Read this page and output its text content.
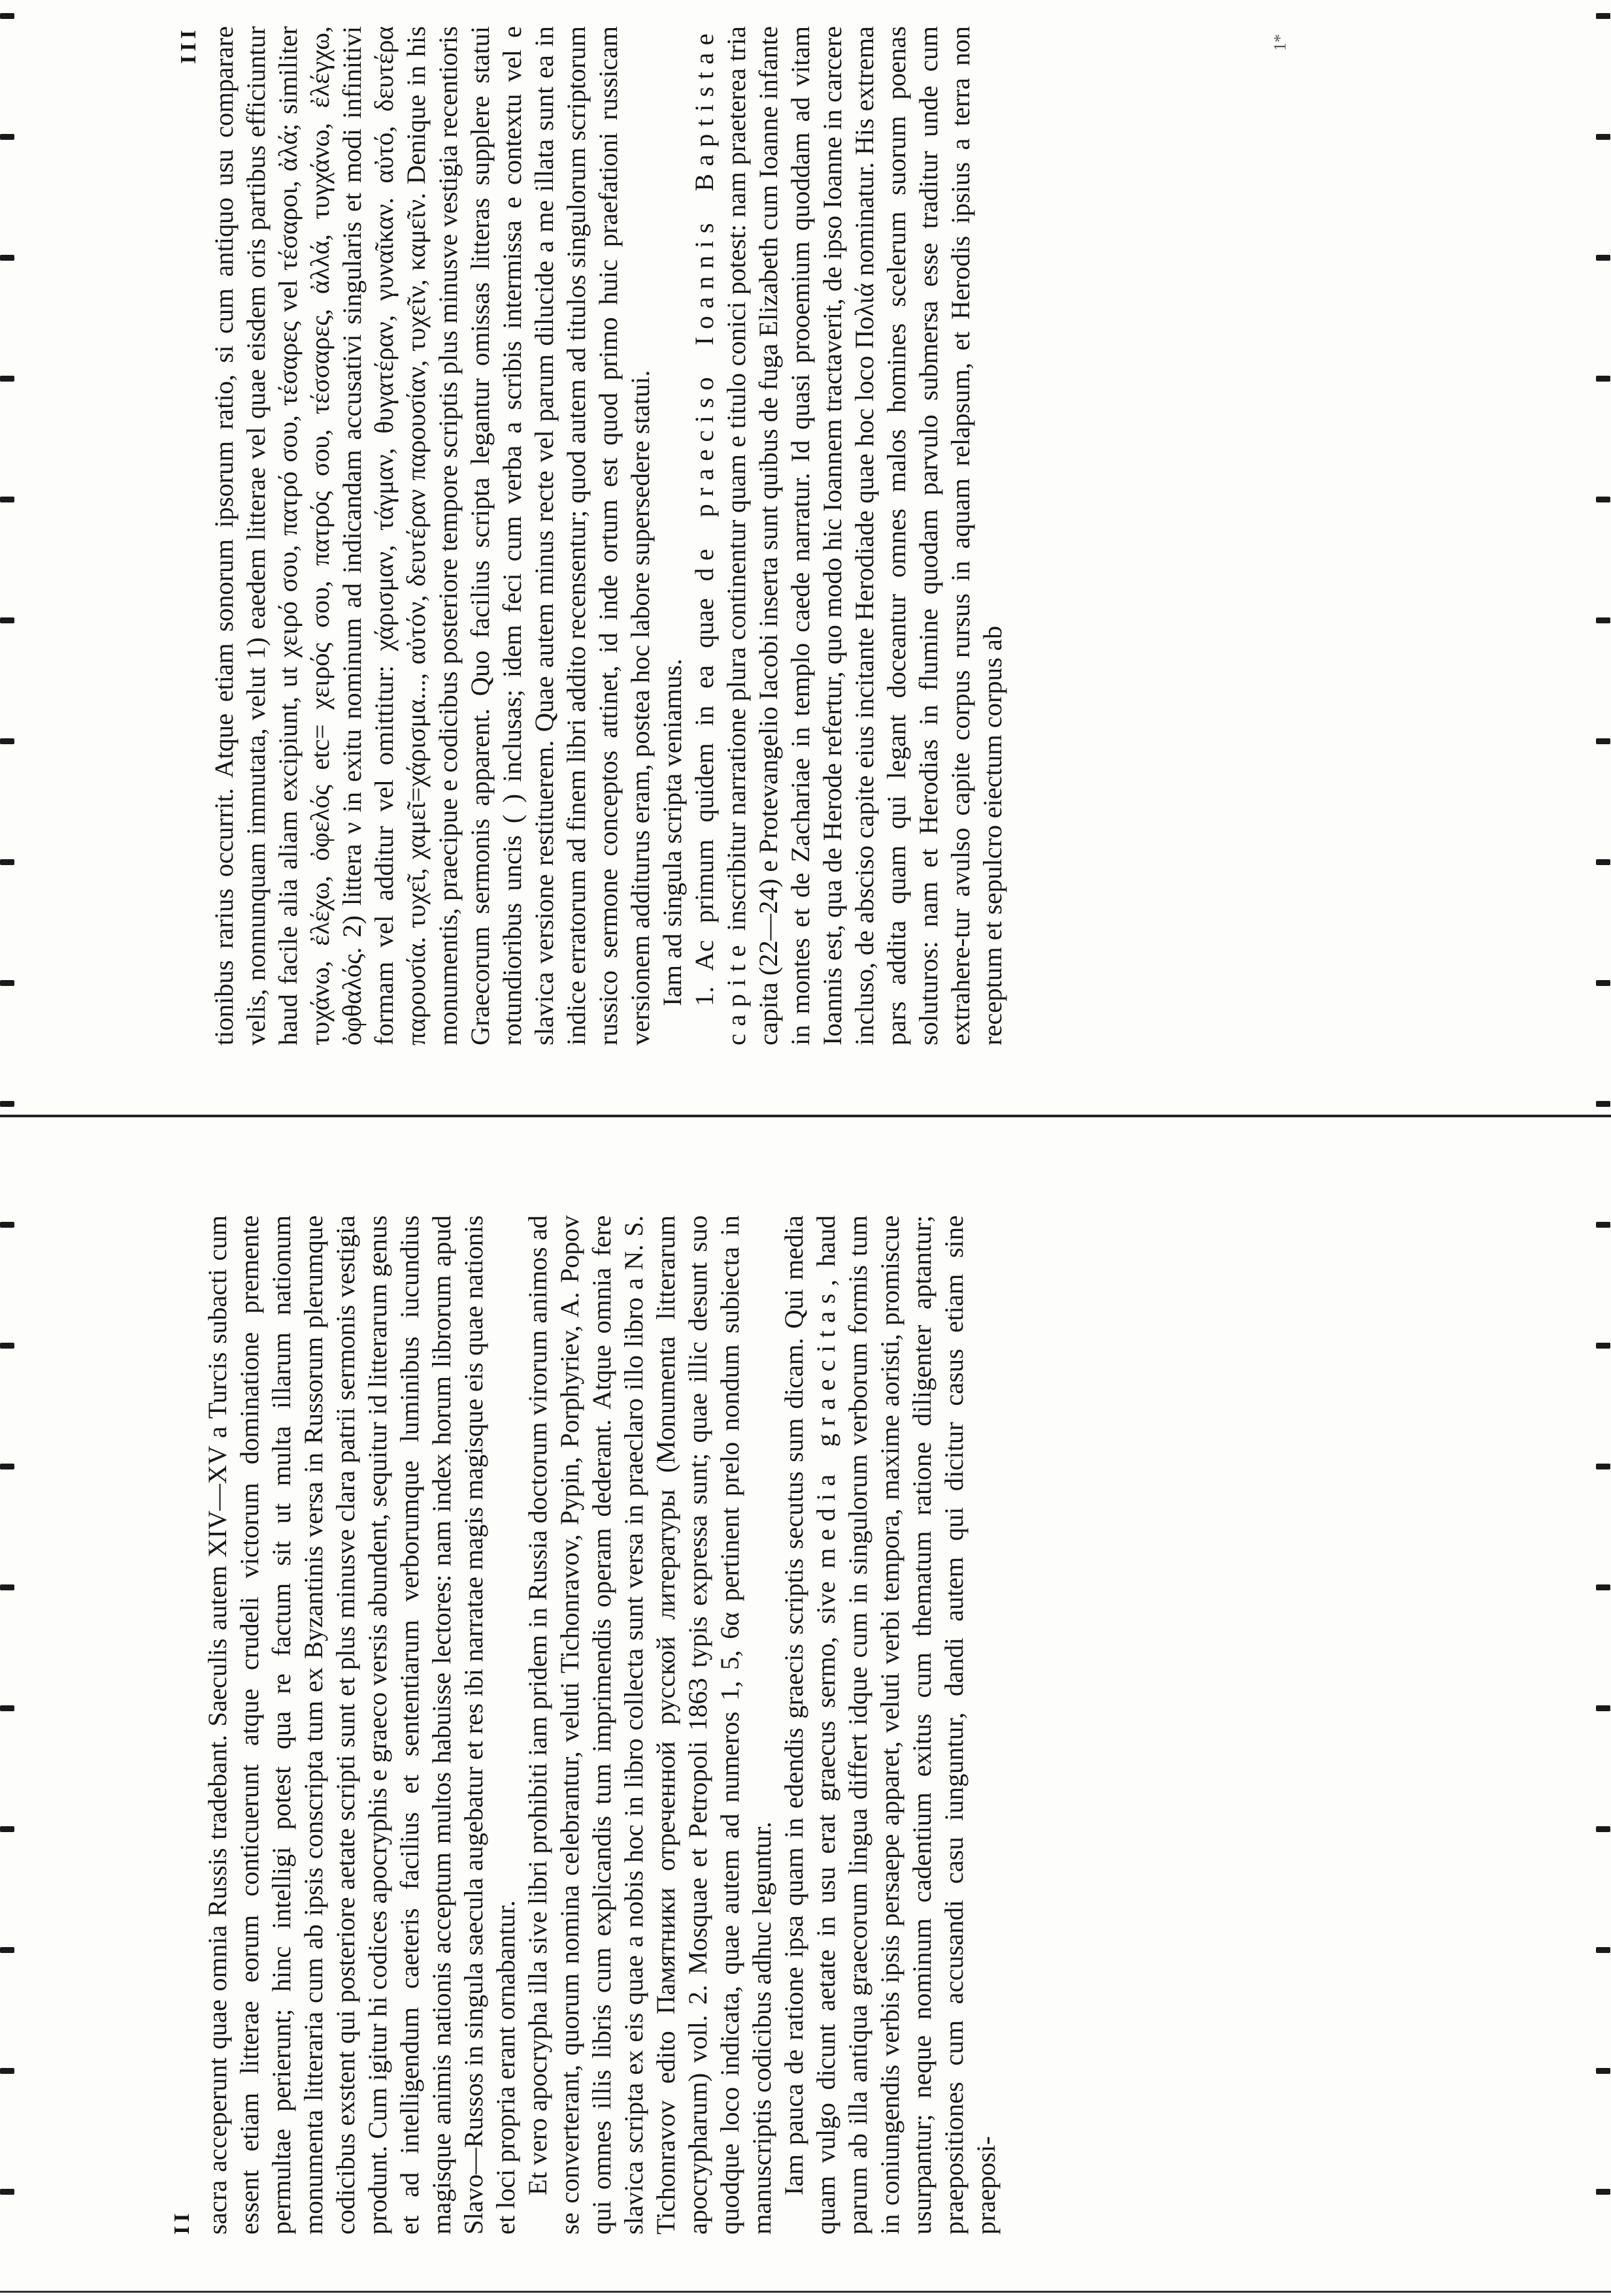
II sacra acceperunt quae omnia Russis tradebant. Saeculis autem XIV—XV a Turcis subacti cum essent etiam litterae eorum conticuerunt atque crudeli victorum dominatione premente permultae perierunt; hinc intelligi potest qua re factum sit ut multa illarum nationum monumenta litteraria cum ab ipsis conscripta tum ex Byzantinis versa in Russorum plerumque codicibus exstent qui posteriore aetate scripti sunt et plus minusve clara patrii sermonis vestigia produnt. Cum igitur hi codices apocryphis e graeco versis abundent, sequitur id litterarum genus et ad intelligendum caeteris facilius et sententiarum verborumque luminibus iucundius magisque animis nationis acceptum multos habuisse lectores: nam index horum librorum apud Slavo—Russos in singula saecula augebatur et res ibi narratae magis magisque eis quae nationis et loci propria erant ornabantur. Et vero apocrypha illa sive libri prohibiti iam pridem in Russia doctorum virorum animos ad se converterant, quorum nomina celebrantur, veluti Tichonravov, Pypin, Porphyriev, A. Popov qui omnes illis libris cum explicandis tum imprimendis operam dederant. Atque omnia fere slavica scripta ex eis quae a nobis hoc in libro collecta sunt versa in praeclaro illo libro a N. S. Tichonravov edito Памятники отреченной русской литературы (Monumenta litterarum apocrypharum) voll. 2. Mosquae et Petropoli 1863 typis expressa sunt; quae illic desunt suo quodque loco indicata, quae autem ad numeros 1, 5, 6α pertinent prelo nondum subiecta in manuscriptis codicibus adhuc leguntur. Iam pauca de ratione ipsa quam in edendis graecis scriptis secutus sum dicam. Qui media quam vulgo dicunt aetate in usu erat graecus sermo, sive media graecitas, haud parum ab illa antiqua graecorum lingua differt idque cum in singulorum verborum formis tum in coniungendis verbis ipsis persaepe apparet, veluti verbi tempora, maxime aoristi, promiscue usurpantur; neque nominum cadentium exitus cum thematum ratione diligenter aptantur; praepositiones cum accusandi casu iunguntur, dandi autem qui dicitur casus etiam sine praeposi-

III tionibus rarius occurrit. Atque etiam sonorum ipsorum ratio, si cum antiquo usu comparare velis, nonnunquam immutata, velut 1) eaedem litterae vel quae eisdem oris partibus efficiuntur haud facile alia aliam excipiunt, ut χειρό σου, πατρό σου, τέσαρες vel τέσαροι, ἀλά; similiter τυχάνω, ἐλέχω, ὀφελός etc= χειρός σου, πατρός σου, τέσσαρες, ἀλλά, τυγχάνω, ἐλέγχω, ὀφθαλός. 2) littera ν in exitu nominum ad indicandam accusativi singularis et modi infinitivi formam vel additur vel omittitur: χάρισμαν, τάγμαν, θυγατέραν, γυναῖκαν. αὐτό, δευτέρα παρουσία. τυχεῖ, χαμεῖ=χάρισμα..., αὐτόν, δευτέραν παρουσίαν, τυχεῖν, καμεῖν. Denique in his monumentis, praecipue e codicibus posteriore tempore scriptis plus minusve vestigia recentioris Graecorum sermonis apparent. Quo facilius scripta legantur omissas litteras supplere statui rotundioribus uncis ( ) inclusas; idem feci cum verba a scribis intermissa e contextu vel e slavica versione restituerem. Quae autem minus recte vel parum dilucide a me illata sunt ea in indice erratorum ad finem libri addito recensentur; quod autem ad titulos singulorum scriptorum russico sermone conceptos attinet, id inde ortum est quod primo huic praefationi russicam versionem additurus eram, postea hoc labore supersedere statui. Iam ad singula scripta veniamus. 1. Ac primum quidem in ea quae de praeciso Ioannis Baptistae capite inscribitur narratione plura continentur quam e titulo conici potest: nam praeterea tria capita (22—24) e Protevangelio Iacobi inserta sunt quibus de fuga Elizabeth cum Ioanne infante in montes et de Zachariae in templo caede narratur. Id quasi prooemium quoddam ad vitam Ioannis est, qua de Herode refertur, quo modo hic Ioannem tractaverit, de ipso Ioanne in carcere incluso, de absciso capite eius incitante Herodiade quae hoc loco Πολιά nominatur. His extrema pars addita quam qui legant doceantur omnes malos homines scelerum suorum poenas soluturos: nam et Herodias in flumine quodam parvulo submersa esse traditur unde cum extrahere-tur avulso capite corpus rursus in aquam relapsum, et Herodis ipsius a terra non receptum et sepulcro eiectum corpus ab

1*
